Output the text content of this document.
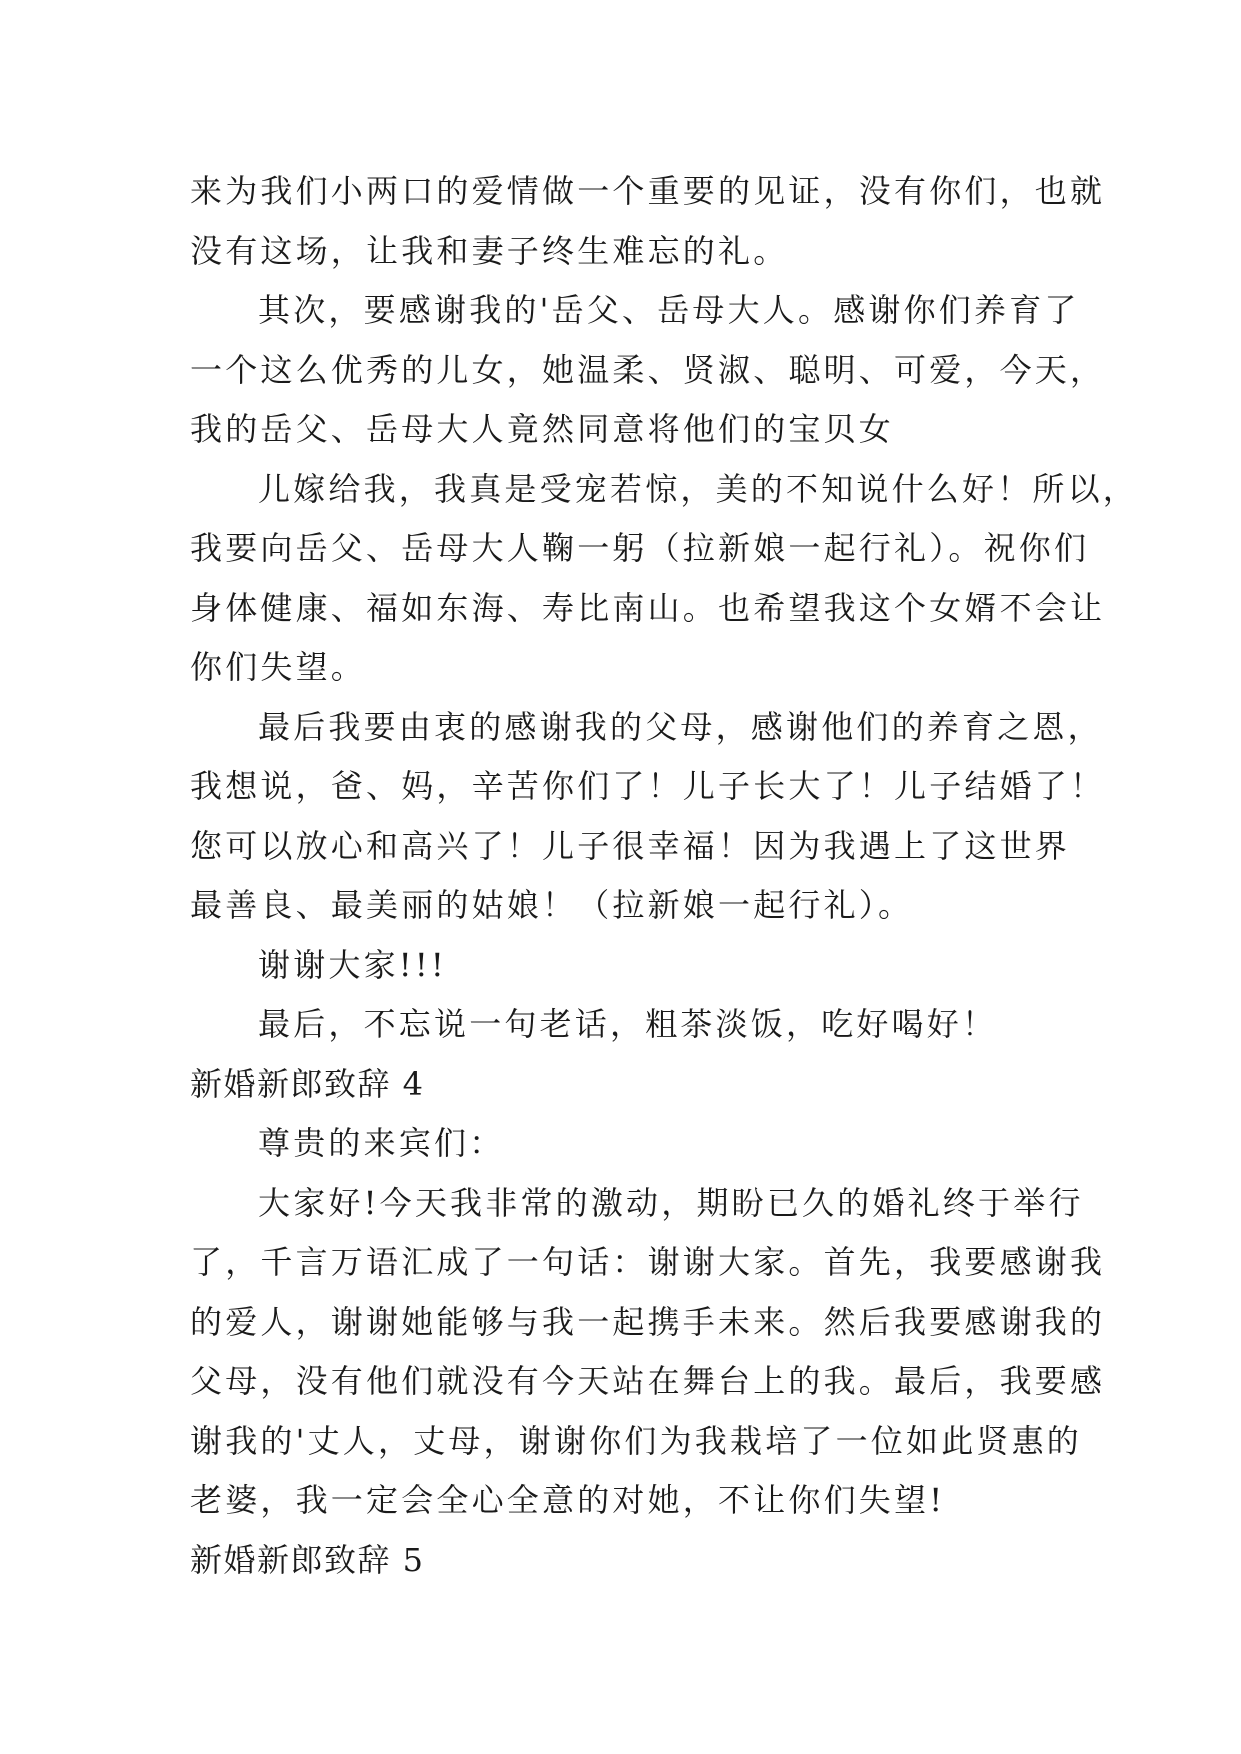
来为我们小两口的爱情做一个重要的见证，没有你们，也就
没有这场，让我和妻子终生难忘的礼。
其次，要感谢我的'岳父、岳母大人。感谢你们养育了
一个这么优秀的儿女，她温柔、贤淑、聪明、可爱，今天，
我的岳父、岳母大人竟然同意将他们的宝贝女
儿嫁给我，我真是受宠若惊，美的不知说什么好！所以，
我要向岳父、岳母大人鞠一躬（拉新娘一起行礼）。祝你们
身体健康、福如东海、寿比南山。也希望我这个女婿不会让
你们失望。
最后我要由衷的感谢我的父母，感谢他们的养育之恩，
我想说，爸、妈，辛苦你们了！儿子长大了！儿子结婚了！
您可以放心和高兴了！儿子很幸福！因为我遇上了这世界
最善良、最美丽的姑娘！（拉新娘一起行礼）。
谢谢大家!!!
最后，不忘说一句老话，粗茶淡饭，吃好喝好！
新婚新郎致辞 4
尊贵的来宾们：
大家好!今天我非常的激动，期盼已久的婚礼终于举行
了，千言万语汇成了一句话：谢谢大家。首先，我要感谢我
的爱人，谢谢她能够与我一起携手未来。然后我要感谢我的
父母，没有他们就没有今天站在舞台上的我。最后，我要感
谢我的'丈人，丈母，谢谢你们为我栽培了一位如此贤惠的
老婆，我一定会全心全意的对她，不让你们失望!
新婚新郎致辞 5
